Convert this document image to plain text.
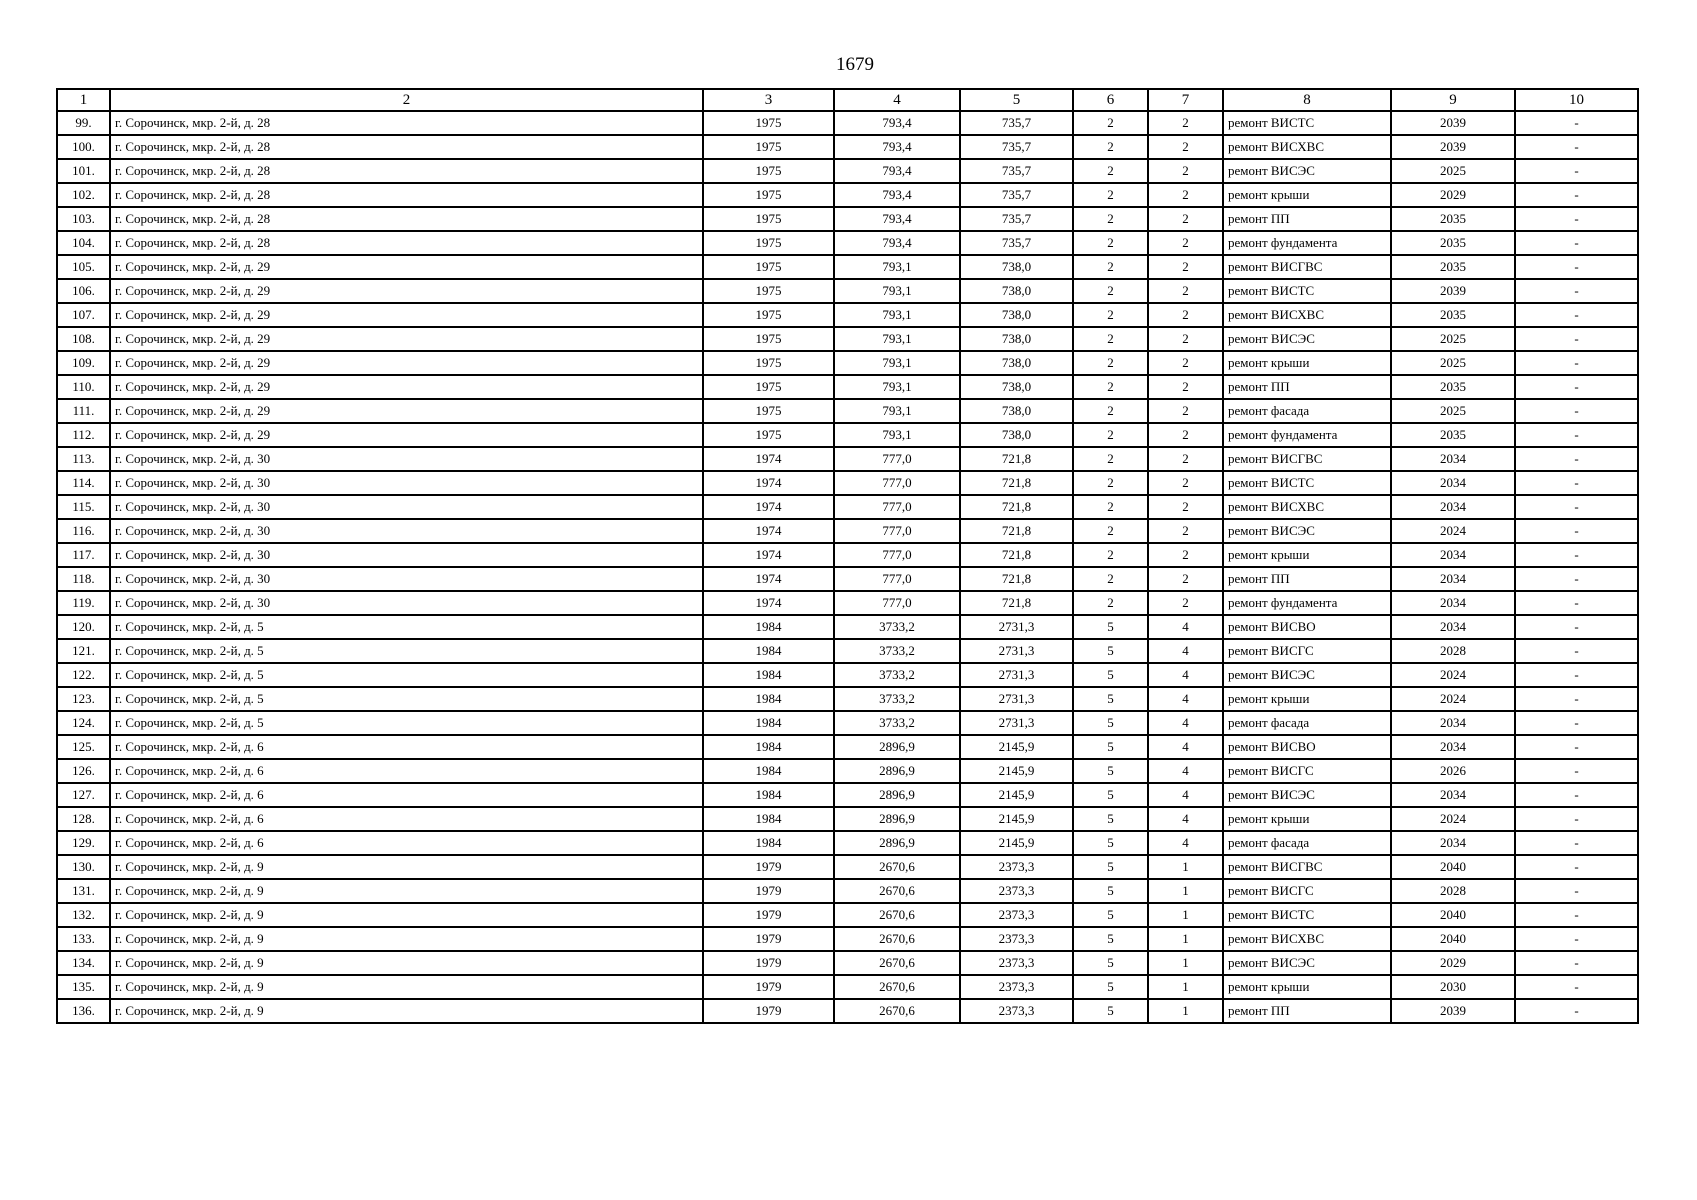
1679
1	2	3	4	5	6	7	8	9	10
99.	г. Сорочинск, мкр. 2-й, д. 28	1975	793,4	735,7	2	2	ремонт ВИСТС	2039	-
100.	г. Сорочинск, мкр. 2-й, д. 28	1975	793,4	735,7	2	2	ремонт ВИСХВС	2039	-
101.	г. Сорочинск, мкр. 2-й, д. 28	1975	793,4	735,7	2	2	ремонт ВИСЭС	2025	-
102.	г. Сорочинск, мкр. 2-й, д. 28	1975	793,4	735,7	2	2	ремонт крыши	2029	-
103.	г. Сорочинск, мкр. 2-й, д. 28	1975	793,4	735,7	2	2	ремонт ПП	2035	-
104.	г. Сорочинск, мкр. 2-й, д. 28	1975	793,4	735,7	2	2	ремонт фундамента	2035	-
105.	г. Сорочинск, мкр. 2-й, д. 29	1975	793,1	738,0	2	2	ремонт ВИСГВС	2035	-
106.	г. Сорочинск, мкр. 2-й, д. 29	1975	793,1	738,0	2	2	ремонт ВИСТС	2039	-
107.	г. Сорочинск, мкр. 2-й, д. 29	1975	793,1	738,0	2	2	ремонт ВИСХВС	2035	-
108.	г. Сорочинск, мкр. 2-й, д. 29	1975	793,1	738,0	2	2	ремонт ВИСЭС	2025	-
109.	г. Сорочинск, мкр. 2-й, д. 29	1975	793,1	738,0	2	2	ремонт крыши	2025	-
110.	г. Сорочинск, мкр. 2-й, д. 29	1975	793,1	738,0	2	2	ремонт ПП	2035	-
111.	г. Сорочинск, мкр. 2-й, д. 29	1975	793,1	738,0	2	2	ремонт фасада	2025	-
112.	г. Сорочинск, мкр. 2-й, д. 29	1975	793,1	738,0	2	2	ремонт фундамента	2035	-
113.	г. Сорочинск, мкр. 2-й, д. 30	1974	777,0	721,8	2	2	ремонт ВИСГВС	2034	-
114.	г. Сорочинск, мкр. 2-й, д. 30	1974	777,0	721,8	2	2	ремонт ВИСТС	2034	-
115.	г. Сорочинск, мкр. 2-й, д. 30	1974	777,0	721,8	2	2	ремонт ВИСХВС	2034	-
116.	г. Сорочинск, мкр. 2-й, д. 30	1974	777,0	721,8	2	2	ремонт ВИСЭС	2024	-
117.	г. Сорочинск, мкр. 2-й, д. 30	1974	777,0	721,8	2	2	ремонт крыши	2034	-
118.	г. Сорочинск, мкр. 2-й, д. 30	1974	777,0	721,8	2	2	ремонт ПП	2034	-
119.	г. Сорочинск, мкр. 2-й, д. 30	1974	777,0	721,8	2	2	ремонт фундамента	2034	-
120.	г. Сорочинск, мкр. 2-й, д. 5	1984	3733,2	2731,3	5	4	ремонт ВИСВО	2034	-
121.	г. Сорочинск, мкр. 2-й, д. 5	1984	3733,2	2731,3	5	4	ремонт ВИСГС	2028	-
122.	г. Сорочинск, мкр. 2-й, д. 5	1984	3733,2	2731,3	5	4	ремонт ВИСЭС	2024	-
123.	г. Сорочинск, мкр. 2-й, д. 5	1984	3733,2	2731,3	5	4	ремонт крыши	2024	-
124.	г. Сорочинск, мкр. 2-й, д. 5	1984	3733,2	2731,3	5	4	ремонт фасада	2034	-
125.	г. Сорочинск, мкр. 2-й, д. 6	1984	2896,9	2145,9	5	4	ремонт ВИСВО	2034	-
126.	г. Сорочинск, мкр. 2-й, д. 6	1984	2896,9	2145,9	5	4	ремонт ВИСГС	2026	-
127.	г. Сорочинск, мкр. 2-й, д. 6	1984	2896,9	2145,9	5	4	ремонт ВИСЭС	2034	-
128.	г. Сорочинск, мкр. 2-й, д. 6	1984	2896,9	2145,9	5	4	ремонт крыши	2024	-
129.	г. Сорочинск, мкр. 2-й, д. 6	1984	2896,9	2145,9	5	4	ремонт фасада	2034	-
130.	г. Сорочинск, мкр. 2-й, д. 9	1979	2670,6	2373,3	5	1	ремонт ВИСГВС	2040	-
131.	г. Сорочинск, мкр. 2-й, д. 9	1979	2670,6	2373,3	5	1	ремонт ВИСГС	2028	-
132.	г. Сорочинск, мкр. 2-й, д. 9	1979	2670,6	2373,3	5	1	ремонт ВИСТС	2040	-
133.	г. Сорочинск, мкр. 2-й, д. 9	1979	2670,6	2373,3	5	1	ремонт ВИСХВС	2040	-
134.	г. Сорочинск, мкр. 2-й, д. 9	1979	2670,6	2373,3	5	1	ремонт ВИСЭС	2029	-
135.	г. Сорочинск, мкр. 2-й, д. 9	1979	2670,6	2373,3	5	1	ремонт крыши	2030	-
136.	г. Сорочинск, мкр. 2-й, д. 9	1979	2670,6	2373,3	5	1	ремонт ПП	2039	-
